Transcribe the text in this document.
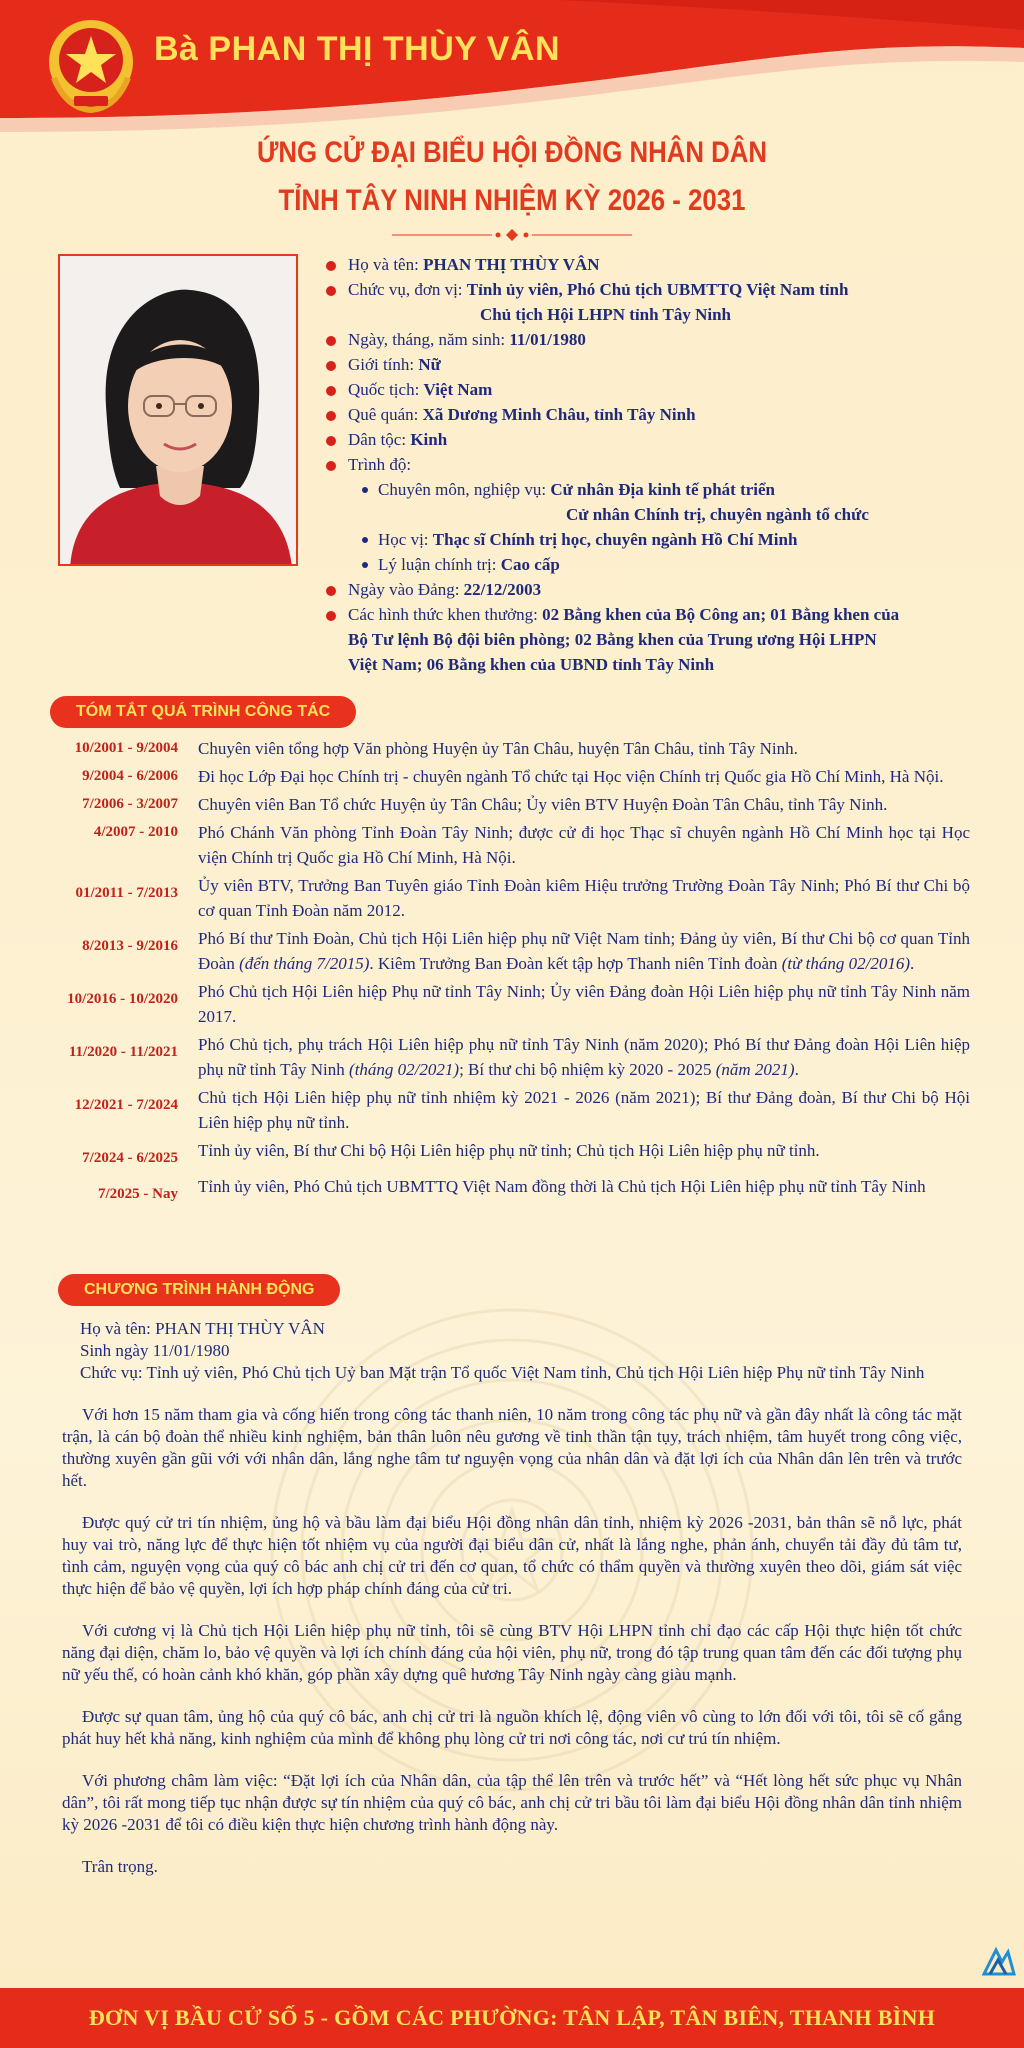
Bà PHAN THỊ THÙY VÂN
ỨNG CỬ ĐẠI BIỂU HỘI ĐỒNG NHÂN DÂN
TỈNH TÂY NINH NHIỆM KỲ 2026 - 2031
Họ và tên: PHAN THỊ THÙY VÂN
Chức vụ, đơn vị: Tỉnh ủy viên, Phó Chủ tịch UBMTTQ Việt Nam tỉnh
Chủ tịch Hội LHPN tỉnh Tây Ninh
Ngày, tháng, năm sinh: 11/01/1980
Giới tính: Nữ
Quốc tịch: Việt Nam
Quê quán: Xã Dương Minh Châu, tỉnh Tây Ninh
Dân tộc: Kinh
Trình độ:
Chuyên môn, nghiệp vụ: Cử nhân Địa kinh tế phát triển
Cử nhân Chính trị, chuyên ngành tổ chức
Học vị: Thạc sĩ Chính trị học, chuyên ngành Hồ Chí Minh
Lý luận chính trị: Cao cấp
Ngày vào Đảng: 22/12/2003
Các hình thức khen thưởng: 02 Bằng khen của Bộ Công an; 01 Bằng khen của
Bộ Tư lệnh Bộ đội biên phòng; 02 Bằng khen của Trung ương Hội LHPN
Việt Nam; 06 Bằng khen của UBND tỉnh Tây Ninh
TÓM TẮT QUÁ TRÌNH CÔNG TÁC
10/2001 - 9/2004 Chuyên viên tổng hợp Văn phòng Huyện ủy Tân Châu, huyện Tân Châu, tỉnh Tây Ninh.
9/2004 - 6/2006 Đi học Lớp Đại học Chính trị - chuyên ngành Tổ chức tại Học viện Chính trị Quốc gia Hồ Chí Minh, Hà Nội.
7/2006 - 3/2007 Chuyên viên Ban Tổ chức Huyện ủy Tân Châu; Ủy viên BTV Huyện Đoàn Tân Châu, tỉnh Tây Ninh.
4/2007 - 2010 Phó Chánh Văn phòng Tỉnh Đoàn Tây Ninh; được cử đi học Thạc sĩ chuyên ngành Hồ Chí Minh học tại Học viện Chính trị Quốc gia Hồ Chí Minh, Hà Nội.
01/2011 - 7/2013 Ủy viên BTV, Trưởng Ban Tuyên giáo Tỉnh Đoàn kiêm Hiệu trưởng Trường Đoàn Tây Ninh; Phó Bí thư Chi bộ cơ quan Tỉnh Đoàn năm 2012.
8/2013 - 9/2016 Phó Bí thư Tỉnh Đoàn, Chủ tịch Hội Liên hiệp phụ nữ Việt Nam tỉnh; Đảng ủy viên, Bí thư Chi bộ cơ quan Tỉnh Đoàn (đến tháng 7/2015). Kiêm Trưởng Ban Đoàn kết tập hợp Thanh niên Tỉnh đoàn (từ tháng 02/2016).
10/2016 - 10/2020 Phó Chủ tịch Hội Liên hiệp Phụ nữ tỉnh Tây Ninh; Ủy viên Đảng đoàn Hội Liên hiệp phụ nữ tỉnh Tây Ninh năm 2017.
11/2020 - 11/2021 Phó Chủ tịch, phụ trách Hội Liên hiệp phụ nữ tỉnh Tây Ninh (năm 2020); Phó Bí thư Đảng đoàn Hội Liên hiệp phụ nữ tỉnh Tây Ninh (tháng 02/2021); Bí thư chi bộ nhiệm kỳ 2020 - 2025 (năm 2021).
12/2021 - 7/2024 Chủ tịch Hội Liên hiệp phụ nữ tỉnh nhiệm kỳ 2021 - 2026 (năm 2021); Bí thư Đảng đoàn, Bí thư Chi bộ Hội Liên hiệp phụ nữ tỉnh.
7/2024 - 6/2025 Tỉnh ủy viên, Bí thư Chi bộ Hội Liên hiệp phụ nữ tỉnh; Chủ tịch Hội Liên hiệp phụ nữ tỉnh.
7/2025 - Nay Tỉnh ủy viên, Phó Chủ tịch UBMTTQ Việt Nam đồng thời là Chủ tịch Hội Liên hiệp phụ nữ tỉnh Tây Ninh
CHƯƠNG TRÌNH HÀNH ĐỘNG

Họ và tên: PHAN THỊ THÙY VÂN

Sinh ngày 11/01/1980

Chức vụ: Tỉnh uỷ viên, Phó Chủ tịch Uỷ ban Mặt trận Tổ quốc Việt Nam tỉnh, Chủ tịch Hội Liên hiệp Phụ nữ tỉnh Tây Ninh

Với hơn 15 năm tham gia và cống hiến trong công tác thanh niên, 10 năm trong công tác phụ nữ và gần đây nhất là công tác mặt trận, là cán bộ đoàn thể nhiều kinh nghiệm, bản thân luôn nêu gương về tinh thần tận tụy, trách nhiệm, tâm huyết trong công việc, thường xuyên gần gũi với với nhân dân, lắng nghe tâm tư nguyện vọng của nhân dân và đặt lợi ích của Nhân dân lên trên và trước hết.

Được quý cử tri tín nhiệm, ủng hộ và bầu làm đại biểu Hội đồng nhân dân tỉnh, nhiệm kỳ 2026 -2031, bản thân sẽ nỗ lực, phát huy vai trò, năng lực để thực hiện tốt nhiệm vụ của người đại biểu dân cử, nhất là lắng nghe, phản ánh, chuyển tải đầy đủ tâm tư, tình cảm, nguyện vọng của quý cô bác anh chị cử tri đến cơ quan, tổ chức có thẩm quyền và thường xuyên theo dõi, giám sát việc thực hiện để bảo vệ quyền, lợi ích hợp pháp chính đáng của cử tri.

Với cương vị là Chủ tịch Hội Liên hiệp phụ nữ tỉnh, tôi sẽ cùng BTV Hội LHPN tỉnh chỉ đạo các cấp Hội thực hiện tốt chức năng đại diện, chăm lo, bảo vệ quyền và lợi ích chính đáng của hội viên, phụ nữ, trong đó tập trung quan tâm đến các đối tượng phụ nữ yếu thế, có hoàn cảnh khó khăn, góp phần xây dựng quê hương Tây Ninh ngày càng giàu mạnh.

Được sự quan tâm, ủng hộ của quý cô bác, anh chị cử tri là nguồn khích lệ, động viên vô cùng to lớn đối với tôi, tôi sẽ cố gắng phát huy hết khả năng, kinh nghiệm của mình để không phụ lòng cử tri nơi công tác, nơi cư trú tín nhiệm.

Với phương châm làm việc: “Đặt lợi ích của Nhân dân, của tập thể lên trên và trước hết” và “Hết lòng hết sức phục vụ Nhân dân”, tôi rất mong tiếp tục nhận được sự tín nhiệm của quý cô bác, anh chị cử tri bầu tôi làm đại biểu Hội đồng nhân dân tỉnh nhiệm kỳ 2026 -2031 để tôi có điều kiện thực hiện chương trình hành động này.

Trân trọng.

ĐƠN VỊ BẦU CỬ SỐ 5 - GỒM CÁC PHƯỜNG: TÂN LẬP, TÂN BIÊN, THANH BÌNH
